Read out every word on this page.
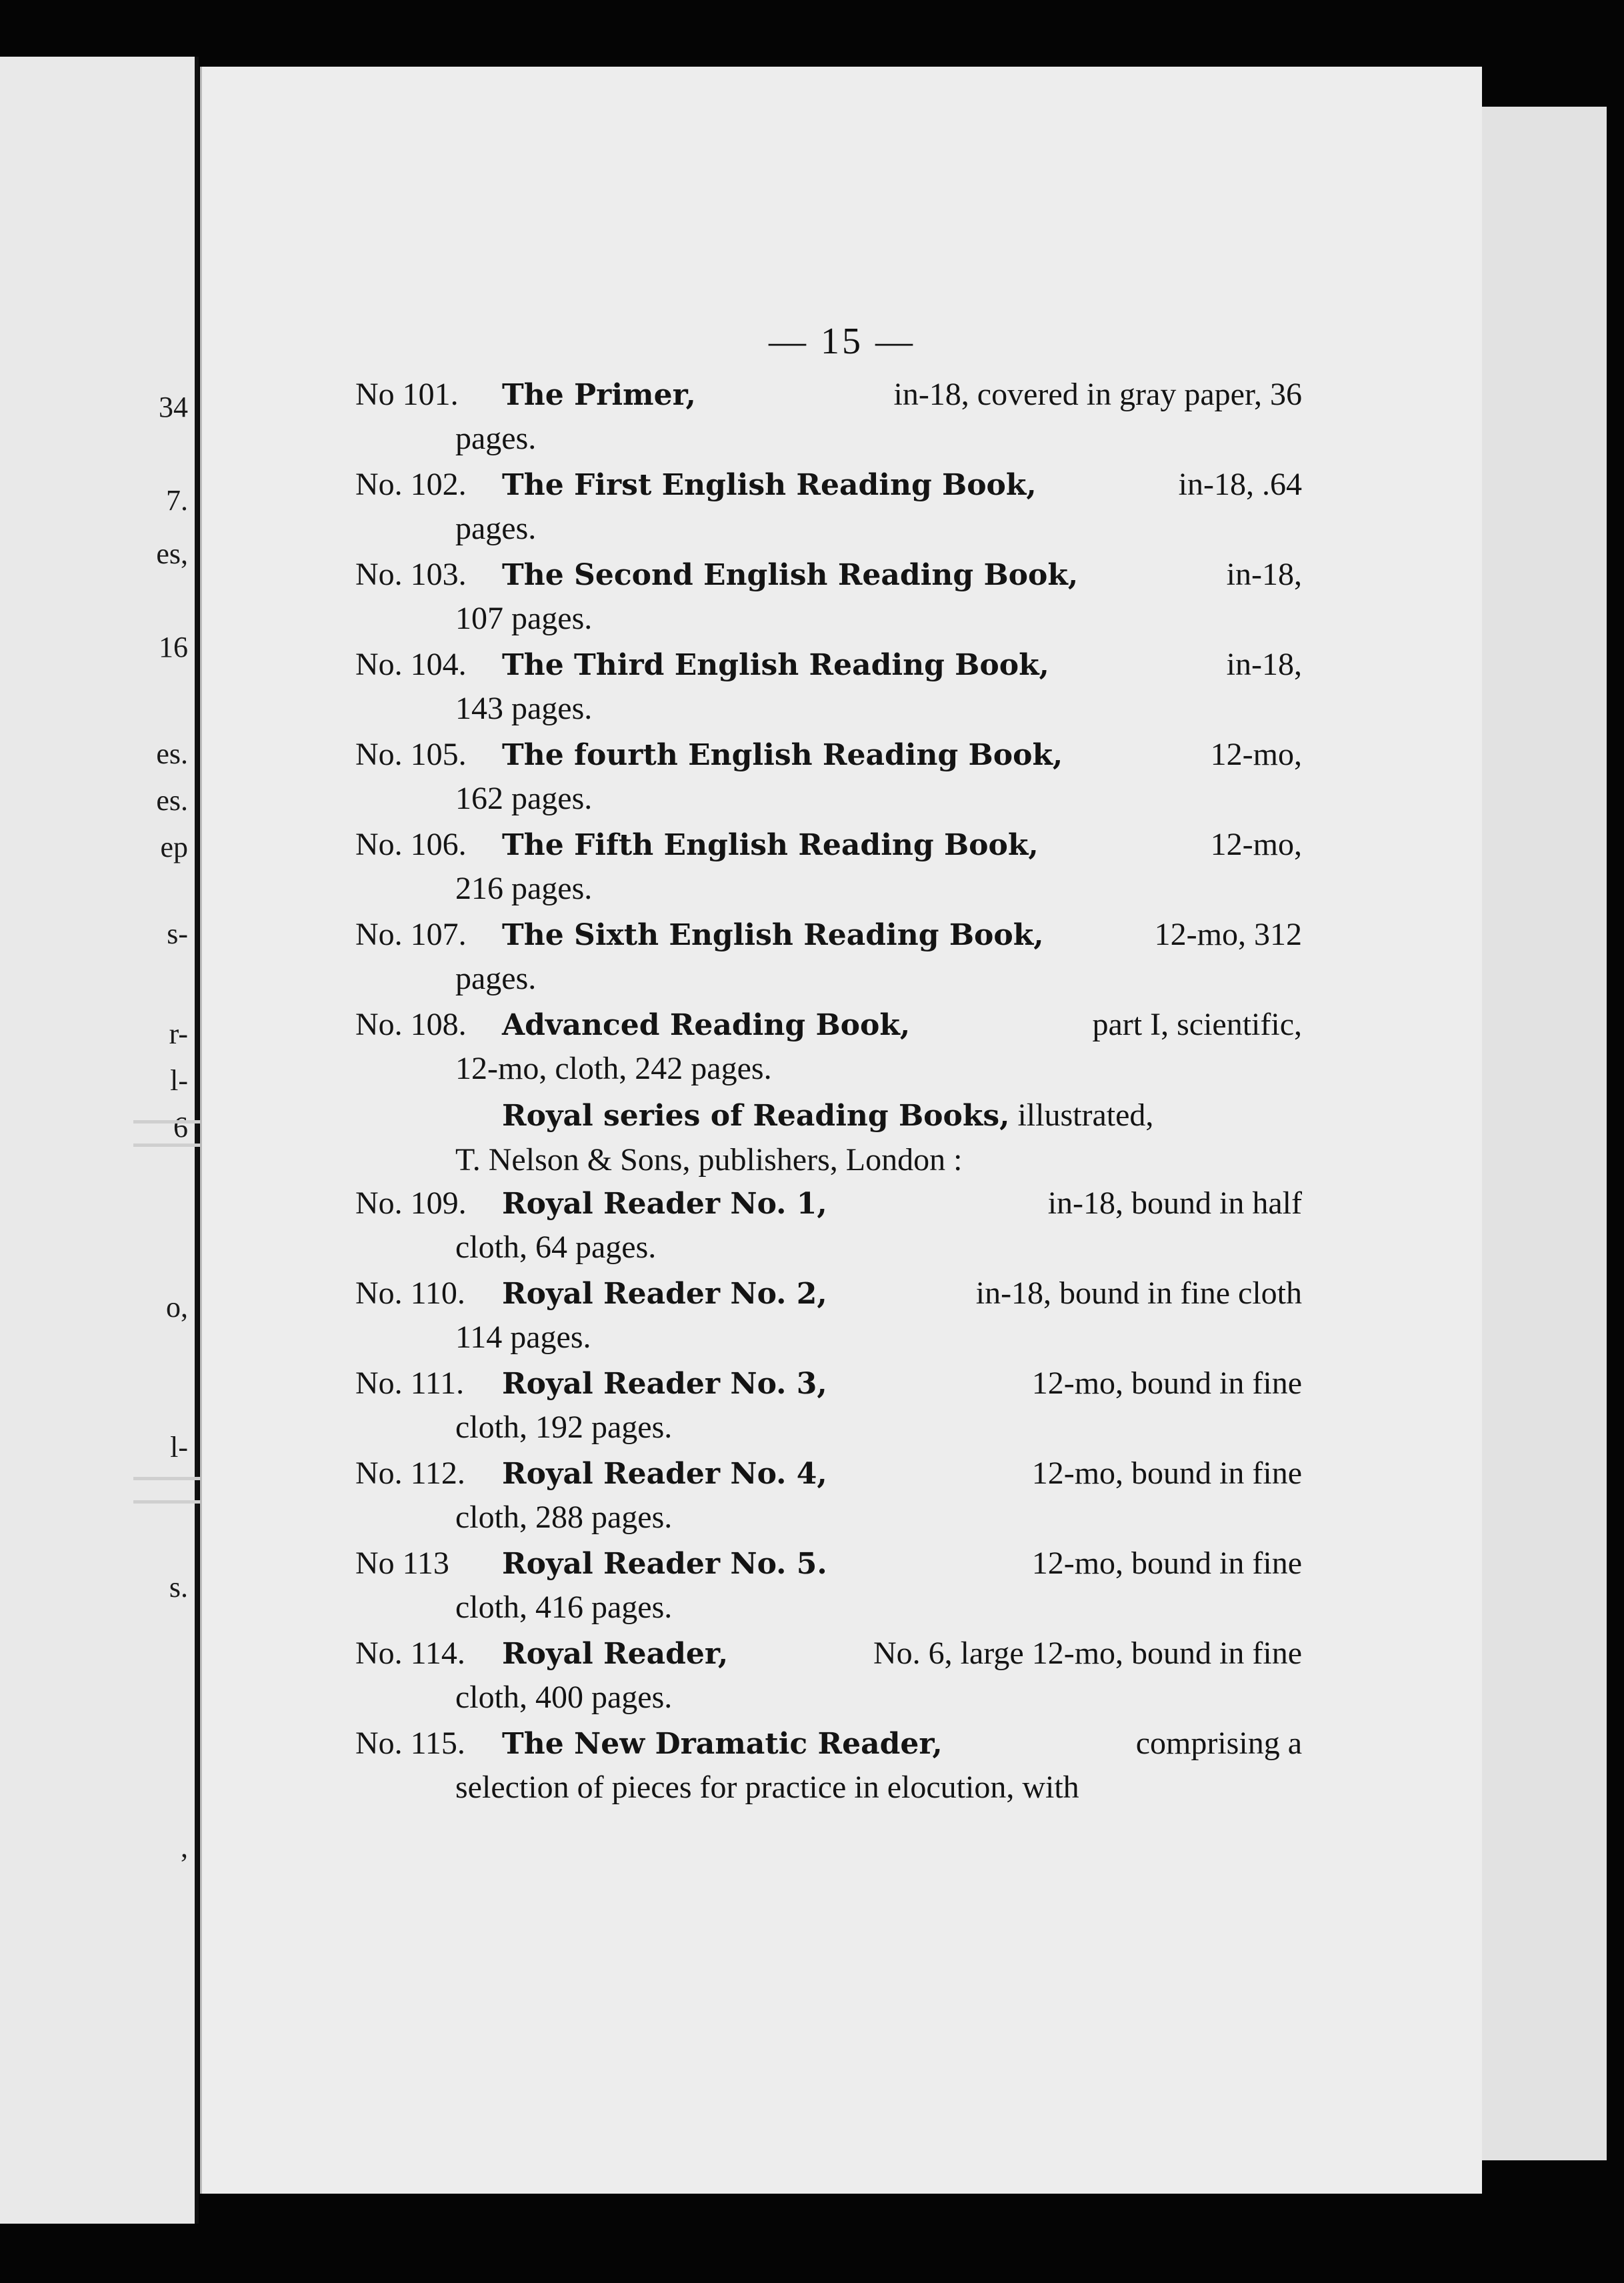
34
7.
es,
16
es.
es.
ep
s-
r-
l-
6
o,
l-
s.
,
— 15 —
No 101. The Primer,	in-18, covered in gray paper, 36
pages.
No. 102. The First English Reading Book,	in-18, .64
pages.
No. 103. The Second English Reading Book,	in-18,
107 pages.
No. 104. The Third English Reading Book,	in-18,
143 pages.
No. 105. The fourth English Reading Book,	12-mo,
162 pages.
No. 106. The Fifth English Reading Book,	12-mo,
216 pages.
No. 107. The Sixth English Reading Book,	12-mo, 312
pages.
No. 108. Advanced Reading Book,	part I, scientific,
12-mo, cloth, 242 pages.
Royal series of Reading Books, illustrated,
T. Nelson & Sons, publishers, London :
No. 109. Royal Reader No. 1,	in-18, bound in half
cloth, 64 pages.
No. 110. Royal Reader No. 2,	in-18, bound in fine cloth
114 pages.
No. 111. Royal Reader No. 3,	12-mo, bound in fine
cloth, 192 pages.
No. 112. Royal Reader No. 4,	12-mo, bound in fine
cloth, 288 pages.
No 113 Royal Reader No. 5.	12-mo, bound in fine
cloth, 416 pages.
No. 114. Royal Reader,	No. 6, large 12-mo, bound in fine
cloth, 400 pages.
No. 115. The New Dramatic Reader,	comprising a
selection of pieces for practice in elocution, with
